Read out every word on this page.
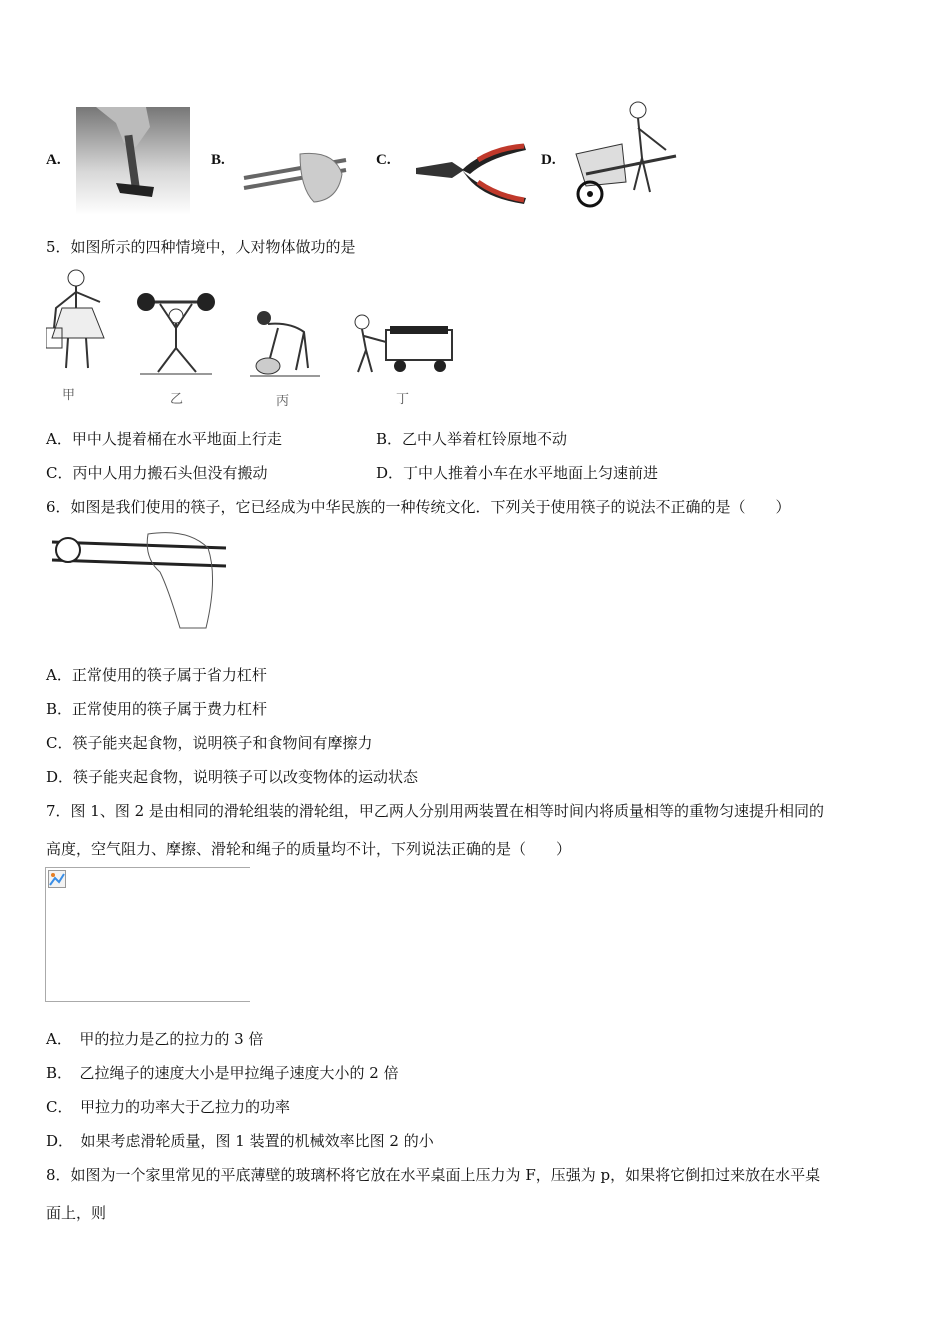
A.	B.	C.	D.
5．如图所示的四种情境中，人对物体做功的是
甲	乙	丙	丁
A．甲中人提着桶在水平地面上行走	B．乙中人举着杠铃原地不动
C．丙中人用力搬石头但没有搬动	D．丁中人推着小车在水平地面上匀速前进
6．如图是我们使用的筷子，它已经成为中华民族的一种传统文化．下列关于使用筷子的说法不正确的是（　　）
A．正常使用的筷子属于省力杠杆
B．正常使用的筷子属于费力杠杆
C．筷子能夹起食物，说明筷子和食物间有摩擦力
D．筷子能夹起食物，说明筷子可以改变物体的运动状态
7．图 1、图 2 是由相同的滑轮组装的滑轮组，甲乙两人分别用两装置在相等时间内将质量相等的重物匀速提升相同的
高度，空气阻力、摩擦、滑轮和绳子的质量均不计，下列说法正确的是（　　）
A．　甲的拉力是乙的拉力的 3 倍
B．　乙拉绳子的速度大小是甲拉绳子速度大小的 2 倍
C．　甲拉力的功率大于乙拉力的功率
D．　如果考虑滑轮质量，图 1 装置的机械效率比图 2 的小
8．如图为一个家里常见的平底薄壁的玻璃杯将它放在水平桌面上压力为 F，压强为 p，如果将它倒扣过来放在水平桌
面上，则
